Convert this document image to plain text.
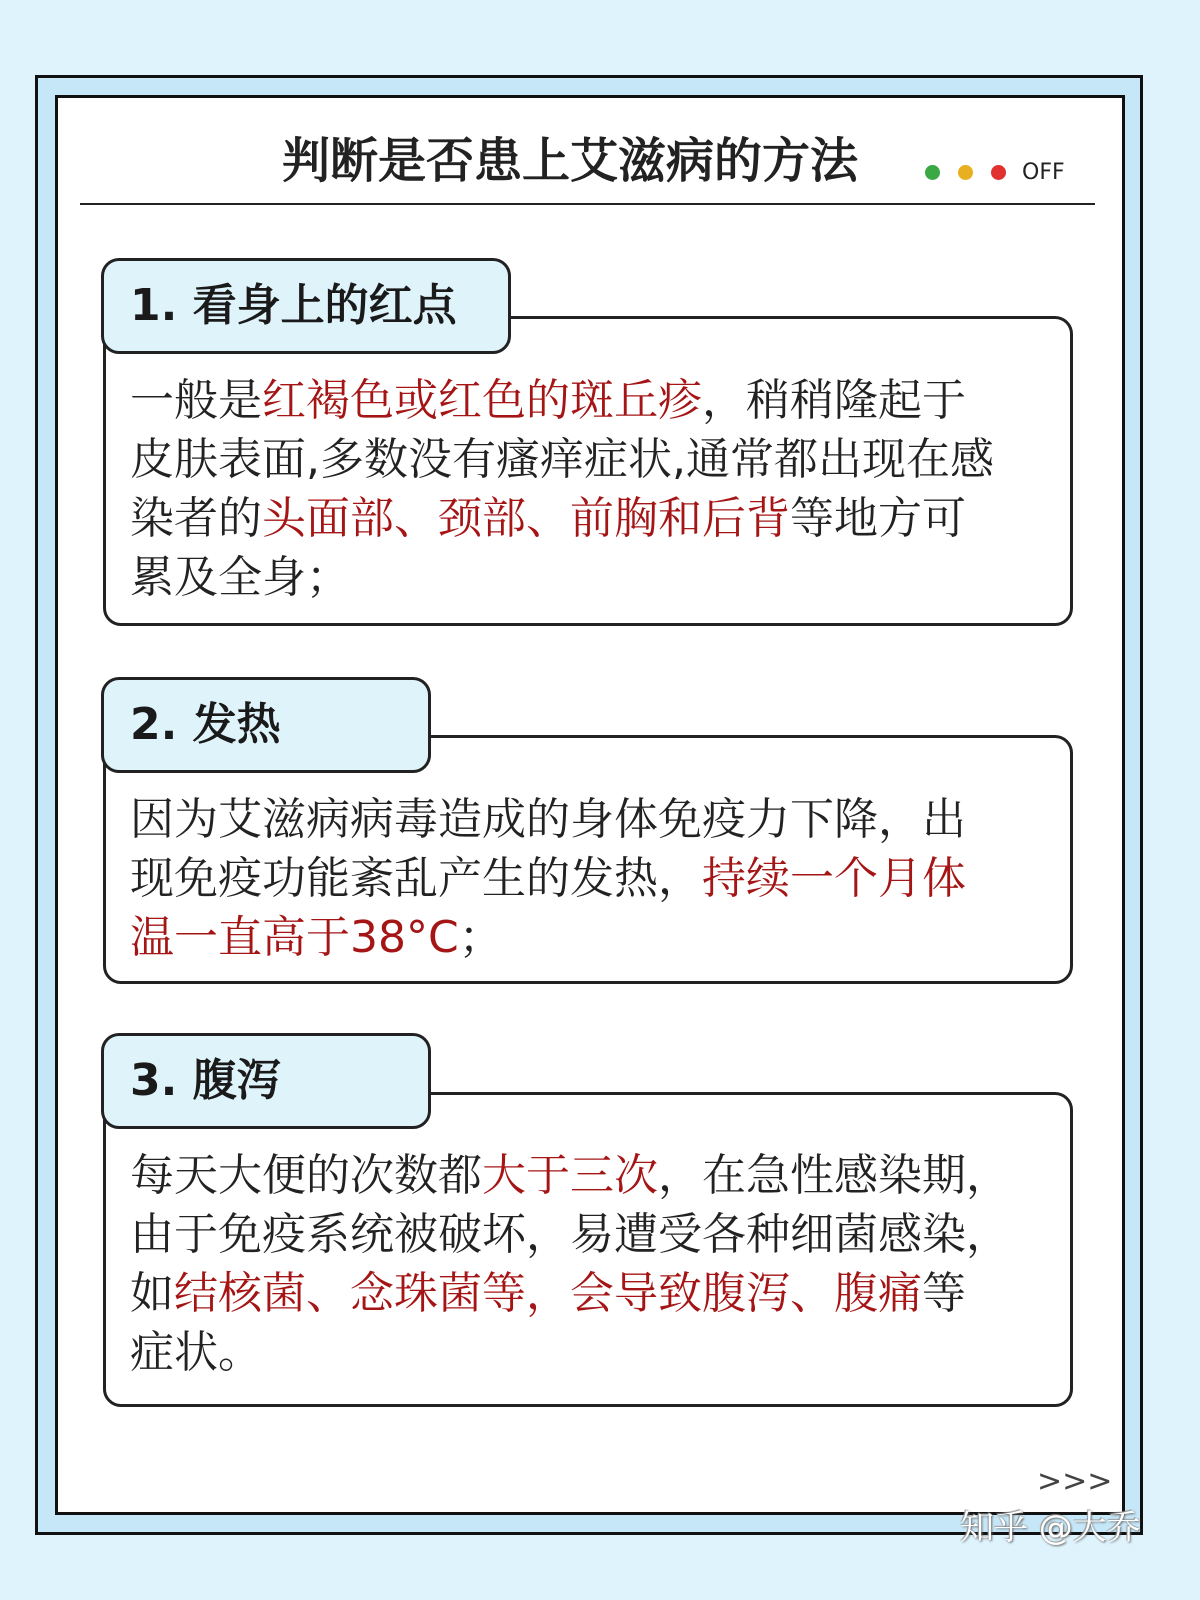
判断是否患上艾滋病的方法	OFF
1. 看身上的红点
一般是红褐色或红色的斑丘疹，稍稍隆起于
皮肤表面,多数没有瘙痒症状,通常都出现在感
染者的头面部、颈部、前胸和后背等地方可
累及全身；
2. 发热
因为艾滋病病毒造成的身体免疫力下降，出
现免疫功能紊乱产生的发热，持续一个月体
温一直高于38°C；
3. 腹泻
每天大便的次数都大于三次，在急性感染期，
由于免疫系统被破坏，易遭受各种细菌感染，
如结核菌、念珠菌等，会导致腹泻、腹痛等
症状。
>>>
知乎 @大乔
